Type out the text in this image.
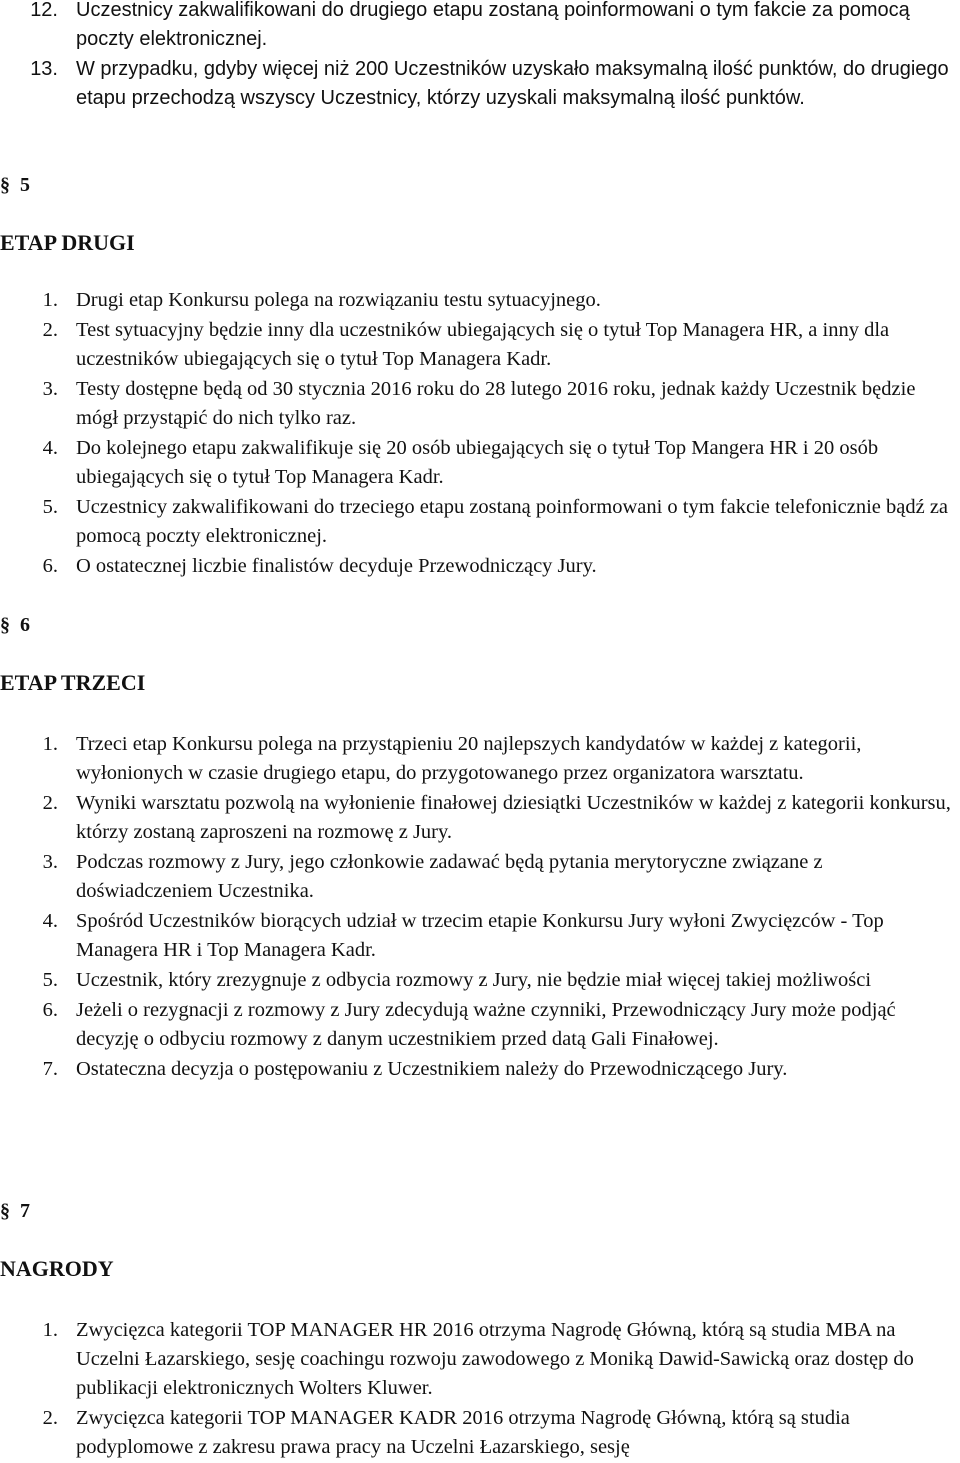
12. Uczestnicy zakwalifikowani do drugiego etapu zostaną poinformowani o tym fakcie za pomocą poczty elektronicznej.
13. W przypadku, gdyby więcej niż 200 Uczestników uzyskało maksymalną ilość punktów, do drugiego etapu przechodzą wszyscy Uczestnicy, którzy uzyskali maksymalną ilość punktów.
§ 5
ETAP DRUGI
1. Drugi etap Konkursu polega na rozwiązaniu testu sytuacyjnego.
2. Test sytuacyjny będzie inny dla uczestników ubiegających się o tytuł Top Managera HR, a inny dla uczestników ubiegających się o tytuł Top Managera Kadr.
3. Testy dostępne będą od 30 stycznia 2016 roku do 28 lutego 2016 roku, jednak każdy Uczestnik będzie mógł przystąpić do nich tylko raz.
4. Do kolejnego etapu zakwalifikuje się 20 osób ubiegających się o tytuł Top Mangera HR i 20 osób ubiegających się o tytuł Top Managera Kadr.
5. Uczestnicy zakwalifikowani do trzeciego etapu zostaną poinformowani o tym fakcie telefonicznie bądź za pomocą poczty elektronicznej.
6. O ostatecznej liczbie finalistów decyduje Przewodniczący Jury.
§ 6
ETAP TRZECI
1. Trzeci etap Konkursu polega na przystąpieniu 20 najlepszych kandydatów w każdej z kategorii, wyłonionych w czasie drugiego etapu, do przygotowanego przez organizatora warsztatu.
2. Wyniki warsztatu pozwolą na wyłonienie finałowej dziesiątki Uczestników w każdej z kategorii konkursu, którzy zostaną zaproszeni na rozmowę z Jury.
3. Podczas rozmowy z Jury, jego członkowie zadawać będą pytania merytoryczne związane z doświadczeniem Uczestnika.
4. Spośród Uczestników biorących udział w trzecim etapie Konkursu Jury wyłoni Zwycięzców - Top Managera HR i Top Managera Kadr.
5. Uczestnik, który zrezygnuje z odbycia rozmowy z Jury, nie będzie miał więcej takiej możliwości
6. Jeżeli o rezygnacji z rozmowy z Jury zdecydują ważne czynniki, Przewodniczący Jury może podjąć decyzję o odbyciu rozmowy z danym uczestnikiem przed datą Gali Finałowej.
7. Ostateczna decyzja o postępowaniu z Uczestnikiem należy do Przewodniczącego Jury.
§ 7
NAGRODY
1. Zwycięzca kategorii TOP MANAGER HR 2016 otrzyma Nagrodę Główną, którą są studia MBA na Uczelni Łazarskiego, sesję coachingu rozwoju zawodowego z Moniką Dawid-Sawicką oraz dostęp do publikacji elektronicznych Wolters Kluwer.
2. Zwycięzca kategorii TOP MANAGER KADR 2016 otrzyma Nagrodę Główną, którą są studia podyplomowe z zakresu prawa pracy na Uczelni Łazarskiego, sesję
